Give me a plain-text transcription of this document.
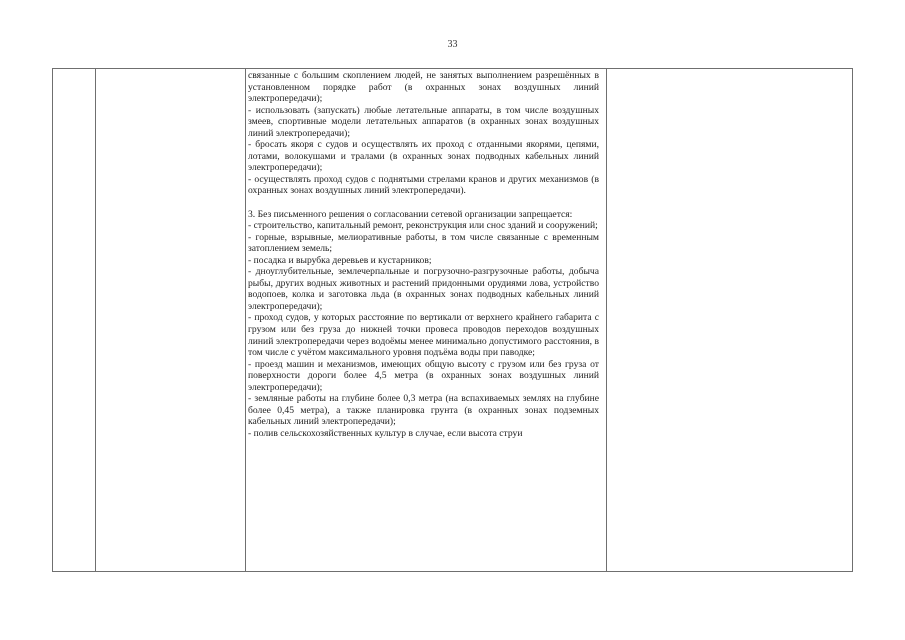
33

связанные с большим скоплением людей, не занятых выполнением разрешённых в установленном порядке работ (в охранных зонах воздушных линий электропередачи);

- использовать (запускать) любые летательные аппараты, в том числе воздушных змеев, спортивные модели летательных аппаратов (в охранных зонах воздушных линий электропередачи);

- бросать якоря с судов и осуществлять их проход с отданными якорями, цепями, лотами, волокушами и тралами (в охранных зонах подводных кабельных линий электропередачи);

- осуществлять проход судов с поднятыми стрелами кранов и других механизмов (в охранных зонах воздушных линий электропередачи).

3. Без письменного решения о согласовании сетевой организации запрещается:

- строительство, капитальный ремонт, реконструкция или снос зданий и сооружений;

- горные, взрывные, мелиоративные работы, в том числе связанные с временным затоплением земель;

- посадка и вырубка деревьев и кустарников;

- дноуглубительные, землечерпальные и погрузочно-разгрузочные работы, добыча рыбы, других водных животных и растений придонными орудиями лова, устройство водопоев, колка и заготовка льда (в охранных зонах подводных кабельных линий электропередачи);

- проход судов, у которых расстояние по вертикали от верхнего крайнего габарита с грузом или без груза до нижней точки провеса проводов переходов воздушных линий электропередачи через водоёмы менее минимально допустимого расстояния, в том числе с учётом максимального уровня подъёма воды при паводке;

- проезд машин и механизмов, имеющих общую высоту с грузом или без груза от поверхности дороги более 4,5 метра (в охранных зонах воздушных линий электропередачи);

- земляные работы на глубине более 0,3 метра (на вспахиваемых землях на глубине более 0,45 метра), а также планировка грунта (в охранных зонах подземных кабельных линий электропередачи);

- полив сельскохозяйственных культур в случае, если высота струи
